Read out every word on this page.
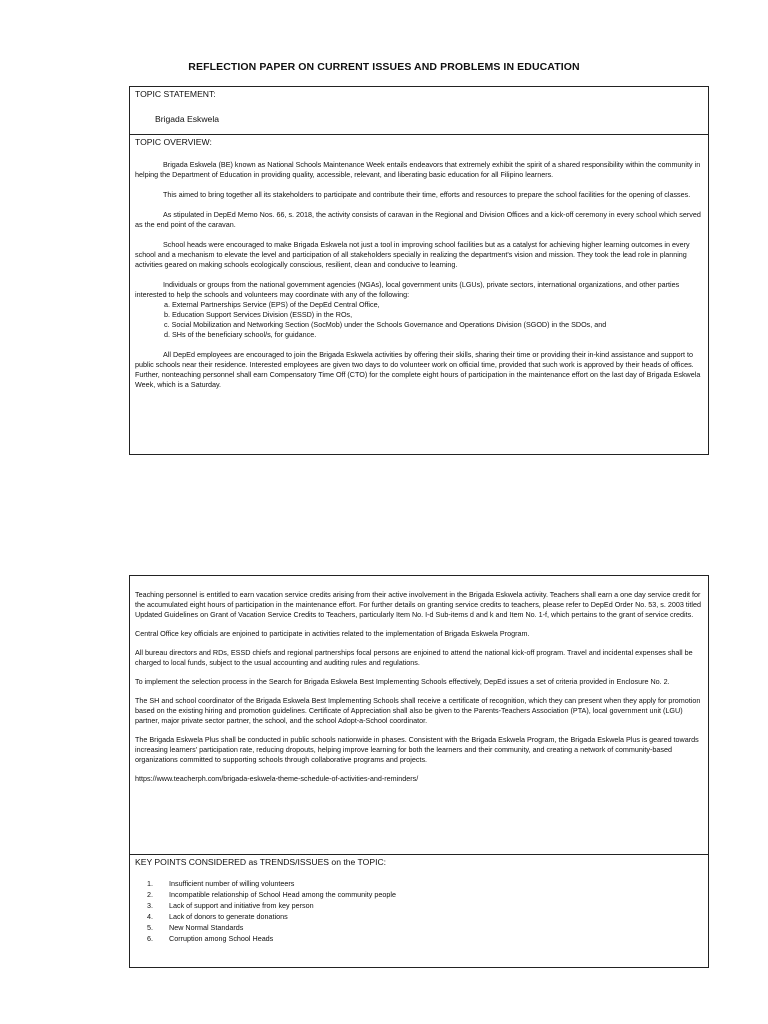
REFLECTION PAPER ON CURRENT ISSUES AND PROBLEMS IN EDUCATION
TOPIC STATEMENT:
Brigada Eskwela
TOPIC OVERVIEW:

Brigada Eskwela (BE) known as National Schools Maintenance Week entails endeavors that extremely exhibit the spirit of a shared responsibility within the community in helping the Department of Education in providing quality, accessible, relevant, and liberating basic education for all Filipino learners.

This aimed to bring together all its stakeholders to participate and contribute their time, efforts and resources to prepare the school facilities for the opening of classes.

As stipulated in DepEd Memo Nos. 66, s. 2018, the activity consists of caravan in the Regional and Division Offices and a kick-off ceremony in every school which served as the end point of the caravan.

School heads were encouraged to make Brigada Eskwela not just a tool in improving school facilities but as a catalyst for achieving higher learning outcomes in every school and a mechanism to elevate the level and participation of all stakeholders specially in realizing the department's vision and mission. They took the lead role in planning activities geared on making schools ecologically conscious, resilient, clean and conducive to learning.

Individuals or groups from the national government agencies (NGAs), local government units (LGUs), private sectors, international organizations, and other parties interested to help the schools and volunteers may coordinate with any of the following:

a. External Partnerships Service (EPS) of the DepEd Central Office,
b. Education Support Services Division (ESSD) in the ROs,
c. Social Mobilization and Networking Section (SocMob) under the Schools Governance and Operations Division (SGOD) in the SDOs, and
d. SHs of the beneficiary school/s, for guidance.

All DepEd employees are encouraged to join the Brigada Eskwela activities by offering their skills, sharing their time or providing their in-kind assistance and support to public schools near their residence. Interested employees are given two days to do volunteer work on official time, provided that such work is approved by their heads of offices. Further, nonteaching personnel shall earn Compensatory Time Off (CTO) for the complete eight hours of participation in the maintenance effort on the last day of Brigada Eskwela Week, which is a Saturday.

Teaching personnel is entitled to earn vacation service credits arising from their active involvement in the Brigada Eskwela activity. Teachers shall earn a one day service credit for the accumulated eight hours of participation in the maintenance effort. For further details on granting service credits to teachers, please refer to DepEd Order No. 53, s. 2003 titled Updated Guidelines on Grant of Vacation Service Credits to Teachers, particularly Item No. I-d Sub-items d and k and Item No. 1-f, which pertains to the grant of service credits.

Central Office key officials are enjoined to participate in activities related to the implementation of Brigada Eskwela Program.

All bureau directors and RDs, ESSD chiefs and regional partnerships focal persons are enjoined to attend the national kick-off program. Travel and incidental expenses shall be charged to local funds, subject to the usual accounting and auditing rules and regulations.

To implement the selection process in the Search for Brigada Eskwela Best Implementing Schools effectively, DepEd issues a set of criteria provided in Enclosure No. 2.

The SH and school coordinator of the Brigada Eskwela Best Implementing Schools shall receive a certificate of recognition, which they can present when they apply for promotion based on the existing hiring and promotion guidelines. Certificate of Appreciation shall also be given to the Parents-Teachers Association (PTA), local government unit (LGU) partner, major private sector partner, the school, and the school Adopt-a-School coordinator.

The Brigada Eskwela Plus shall be conducted in public schools nationwide in phases. Consistent with the Brigada Eskwela Program, the Brigada Eskwela Plus is geared towards increasing learners' participation rate, reducing dropouts, helping improve learning for both the learners and their community, and creating a network of community-based organizations committed to supporting schools through collaborative programs and projects.

https://www.teacherph.com/brigada-eskwela-theme-schedule-of-activities-and-reminders/
KEY POINTS CONSIDERED as TRENDS/ISSUES on the TOPIC:
1.	Insufficient number of willing volunteers
2.	Incompatible relationship of School Head among the community people
3.	Lack of support and initiative from key person
4.	Lack of donors to generate donations
5.	New Normal Standards
6.	Corruption among School Heads
